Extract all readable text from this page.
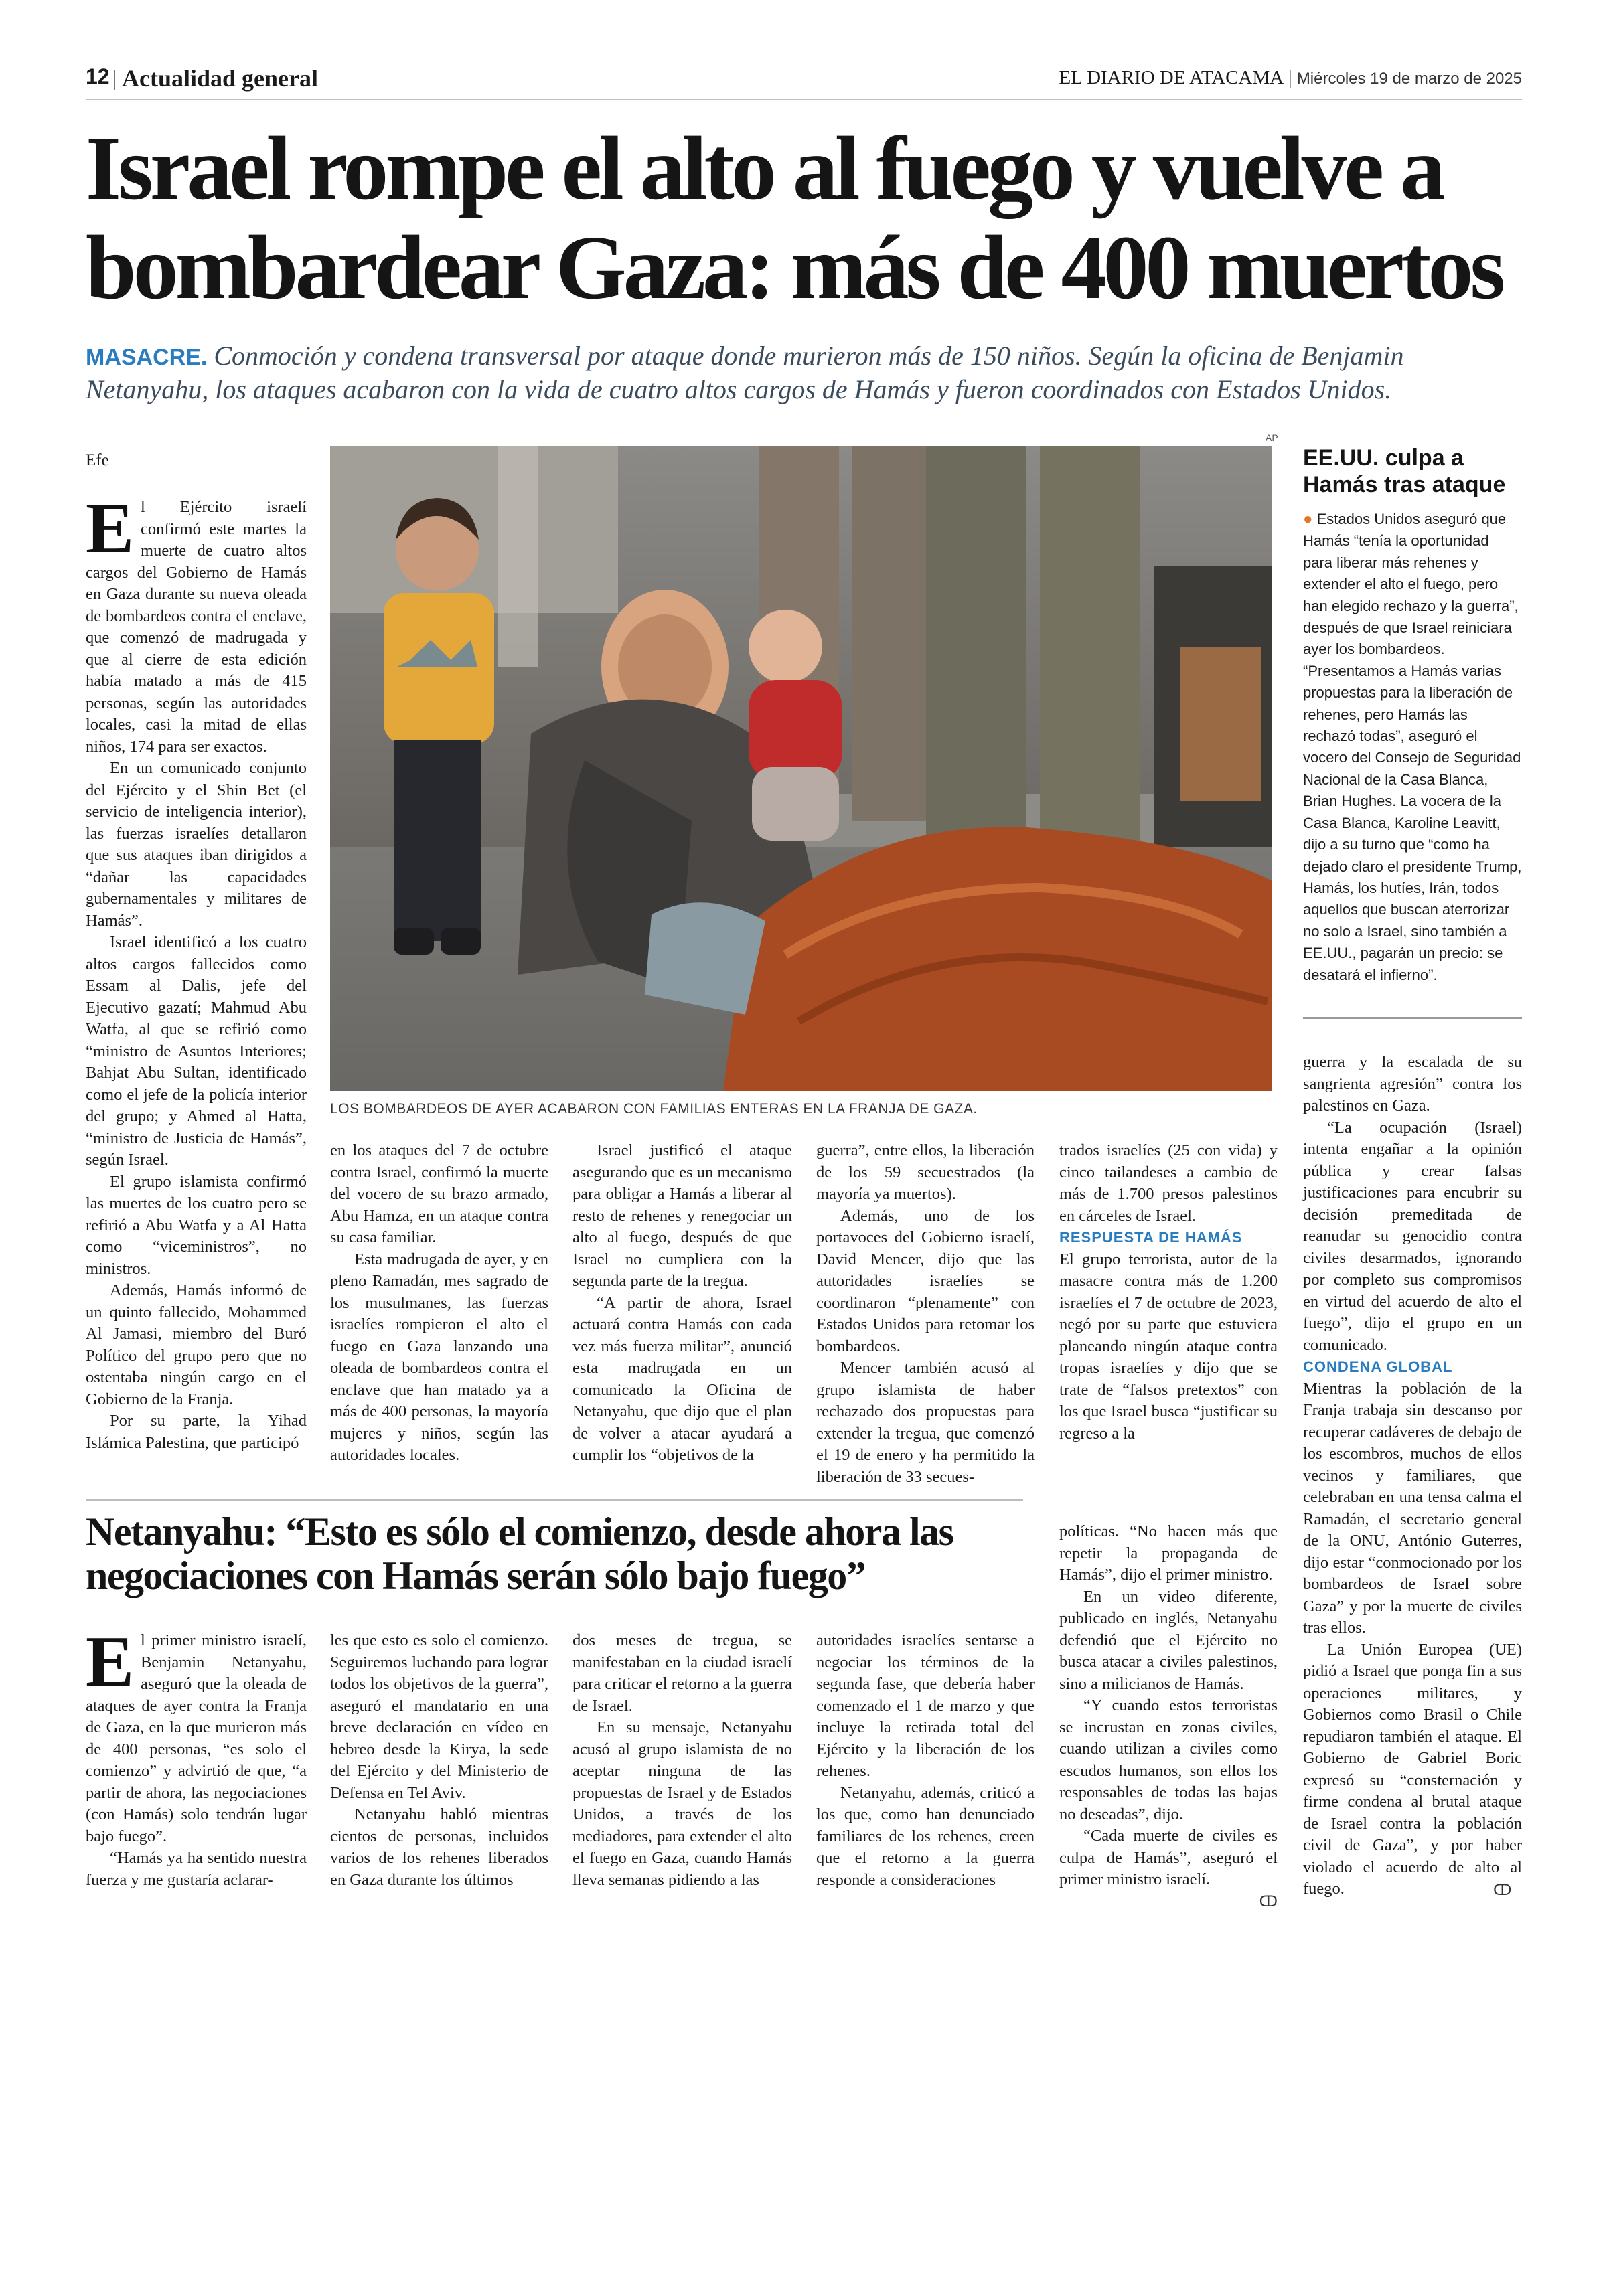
12 | Actualidad general	EL DIARIO DE ATACAMA | Miércoles 19 de marzo de 2025
Israel rompe el alto al fuego y vuelve a bombardear Gaza: más de 400 muertos
MASACRE. Conmoción y condena transversal por ataque donde murieron más de 150 niños. Según la oficina de Benjamin Netanyahu, los ataques acabaron con la vida de cuatro altos cargos de Hamás y fueron coordinados con Estados Unidos.
Efe
E l Ejército israelí confirmó este martes la muerte de cuatro altos cargos del Gobierno de Hamás en Gaza durante su nueva oleada de bombardeos contra el enclave, que comenzó de madrugada y que al cierre de esta edición había matado a más de 415 personas, según las autoridades locales, casi la mitad de ellas niños, 174 para ser exactos.

En un comunicado conjunto del Ejército y el Shin Bet (el servicio de inteligencia interior), las fuerzas israelíes detallaron que sus ataques iban dirigidos a “dañar las capacidades gubernamentales y militares de Hamás”.

Israel identificó a los cuatro altos cargos fallecidos como Essam al Dalis, jefe del Ejecutivo gazatí; Mahmud Abu Watfa, al que se refirió como “ministro de Asuntos Interiores; Bahjat Abu Sultan, identificado como el jefe de la policía interior del grupo; y Ahmed al Hatta, “ministro de Justicia de Hamás”, según Israel.

El grupo islamista confirmó las muertes de los cuatro pero se refirió a Abu Watfa y a Al Hatta como “viceministros”, no ministros.

Además, Hamás informó de un quinto fallecido, Mohammed Al Jamasi, miembro del Buró Político del grupo pero que no ostentaba ningún cargo en el Gobierno de la Franja.

Por su parte, la Yihad Islámica Palestina, que participó

AP
LOS BOMBARDEOS DE AYER ACABARON CON FAMILIAS ENTERAS EN LA FRANJA DE GAZA.
EE.UU. culpa a Hamás tras ataque
● Estados Unidos aseguró que Hamás “tenía la oportunidad para liberar más rehenes y extender el alto el fuego, pero han elegido rechazo y la guerra”, después de que Israel reiniciara ayer los bombardeos. “Presentamos a Hamás varias propuestas para la liberación de rehenes, pero Hamás las rechazó todas”, aseguró el vocero del Consejo de Seguridad Nacional de la Casa Blanca, Brian Hughes. La vocera de la Casa Blanca, Karoline Leavitt, dijo a su turno que “como ha dejado claro el presidente Trump, Hamás, los hutíes, Irán, todos aquellos que buscan aterrorizar no solo a Israel, sino también a EE.UU., pagarán un precio: se desatará el infierno”.

en los ataques del 7 de octubre contra Israel, confirmó la muerte del vocero de su brazo armado, Abu Hamza, en un ataque contra su casa familiar.

Esta madrugada de ayer, y en pleno Ramadán, mes sagrado de los musulmanes, las fuerzas israelíes rompieron el alto el fuego en Gaza lanzando una oleada de bombardeos contra el enclave que han matado ya a más de 400 personas, la mayoría mujeres y niños, según las autoridades locales.

Israel justificó el ataque asegurando que es un mecanismo para obligar a Hamás a liberar al resto de rehenes y renegociar un alto al fuego, después de que Israel no cumpliera con la segunda parte de la tregua.

“A partir de ahora, Israel actuará contra Hamás con cada vez más fuerza militar”, anunció esta madrugada en un comunicado la Oficina de Netanyahu, que dijo que el plan de volver a atacar ayudará a cumplir los “objetivos de la

guerra”, entre ellos, la liberación de los 59 secuestrados (la mayoría ya muertos).

Además, uno de los portavoces del Gobierno israelí, David Mencer, dijo que las autoridades israelíes se coordinaron “plenamente” con Estados Unidos para retomar los bombardeos.

Mencer también acusó al grupo islamista de haber rechazado dos propuestas para extender la tregua, que comenzó el 19 de enero y ha permitido la liberación de 33 secues-

trados israelíes (25 con vida) y cinco tailandeses a cambio de más de 1.700 presos palestinos en cárceles de Israel.

RESPUESTA DE HAMÁS

El grupo terrorista, autor de la masacre contra más de 1.200 israelíes el 7 de octubre de 2023, negó por su parte que estuviera planeando ningún ataque contra tropas israelíes y dijo que se trate de “falsos pretextos” con los que Israel busca “justificar su regreso a la

guerra y la escalada de su sangrienta agresión” contra los palestinos en Gaza.

“La ocupación (Israel) intenta engañar a la opinión pública y crear falsas justificaciones para encubrir su decisión premeditada de reanudar su genocidio contra civiles desarmados, ignorando por completo sus compromisos en virtud del acuerdo de alto el fuego”, dijo el grupo en un comunicado.

CONDENA GLOBAL

Mientras la población de la Franja trabaja sin descanso por recuperar cadáveres de debajo de los escombros, muchos de ellos vecinos y familiares, que celebraban en una tensa calma el Ramadán, el secretario general de la ONU, António Guterres, dijo estar “conmocionado por los bombardeos de Israel sobre Gaza” y por la muerte de civiles tras ellos.

La Unión Europea (UE) pidió a Israel que ponga fin a sus operaciones militares, y Gobiernos como Brasil o Chile repudiaron también el ataque. El Gobierno de Gabriel Boric expresó su “consternación y firme condena al brutal ataque de Israel contra la población civil de Gaza”, y por haber violado el acuerdo de alto al fuego.

Netanyahu: “Esto es sólo el comienzo, desde ahora las negociaciones con Hamás serán sólo bajo fuego”
E l primer ministro israelí, Benjamin Netanyahu, aseguró que la oleada de ataques de ayer contra la Franja de Gaza, en la que murieron más de 400 personas, “es solo el comienzo” y advirtió de que, “a partir de ahora, las negociaciones (con Hamás) solo tendrán lugar bajo fuego”.

“Hamás ya ha sentido nuestra fuerza y me gustaría aclarar-

les que esto es solo el comienzo. Seguiremos luchando para lograr todos los objetivos de la guerra”, aseguró el mandatario en una breve declaración en vídeo en hebreo desde la Kirya, la sede del Ejército y del Ministerio de Defensa en Tel Aviv.

Netanyahu habló mientras cientos de personas, incluidos varios de los rehenes liberados en Gaza durante los últimos

dos meses de tregua, se manifestaban en la ciudad israelí para criticar el retorno a la guerra de Israel.

En su mensaje, Netanyahu acusó al grupo islamista de no aceptar ninguna de las propuestas de Israel y de Estados Unidos, a través de los mediadores, para extender el alto el fuego en Gaza, cuando Hamás lleva semanas pidiendo a las

autoridades israelíes sentarse a negociar los términos de la segunda fase, que debería haber comenzado el 1 de marzo y que incluye la retirada total del Ejército y la liberación de los rehenes.

Netanyahu, además, criticó a los que, como han denunciado familiares de los rehenes, creen que el retorno a la guerra responde a consideraciones

políticas. “No hacen más que repetir la propaganda de Hamás”, dijo el primer ministro.

En un video diferente, publicado en inglés, Netanyahu defendió que el Ejército no busca atacar a civiles palestinos, sino a milicianos de Hamás.

“Y cuando estos terroristas se incrustan en zonas civiles, cuando utilizan a civiles como escudos humanos, son ellos los responsables de todas las bajas no deseadas”, dijo.

“Cada muerte de civiles es culpa de Hamás”, aseguró el primer ministro israelí.

ↀ

ↀ
